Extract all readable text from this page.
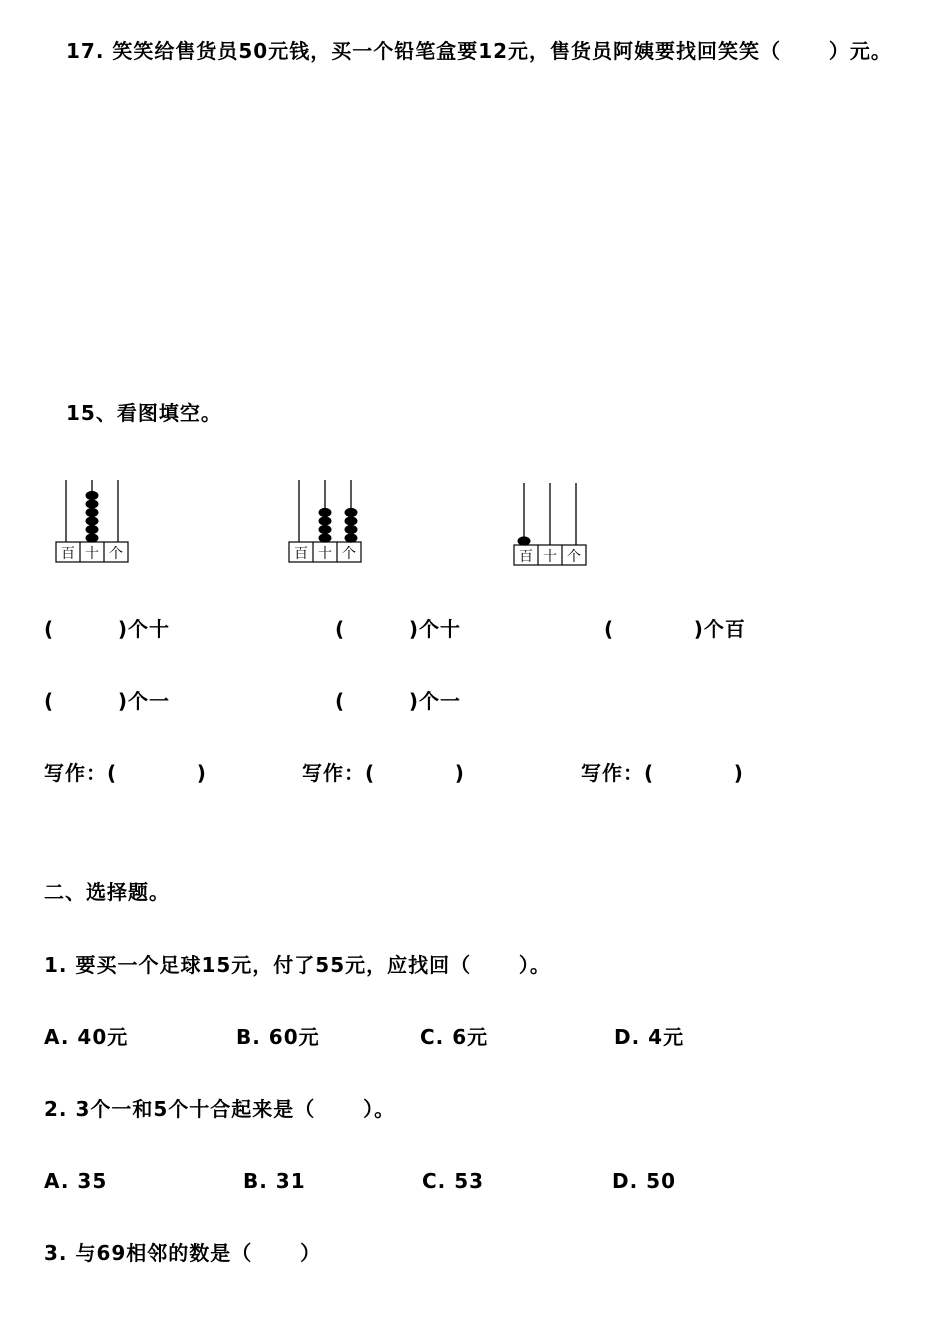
17. 笑笑给售货员50元钱，买一个铅笔盒要12元，售货员阿姨要找回笑笑（      ）元。
15、看图填空。
百 十 个	百 十 个	百 十 个
(        )个十	(        )个十	(          )个百
(        )个一	(        )个一
写作：(          )	写作：(          )	写作：(          )
二、选择题。
1. 要买一个足球15元，付了55元，应找回（      ）。
A. 40元	B. 60元	C. 6元	D. 4元
2. 3个一和5个十合起来是（      ）。
A. 35	B. 31	C. 53	D. 50
3. 与69相邻的数是（      ）
